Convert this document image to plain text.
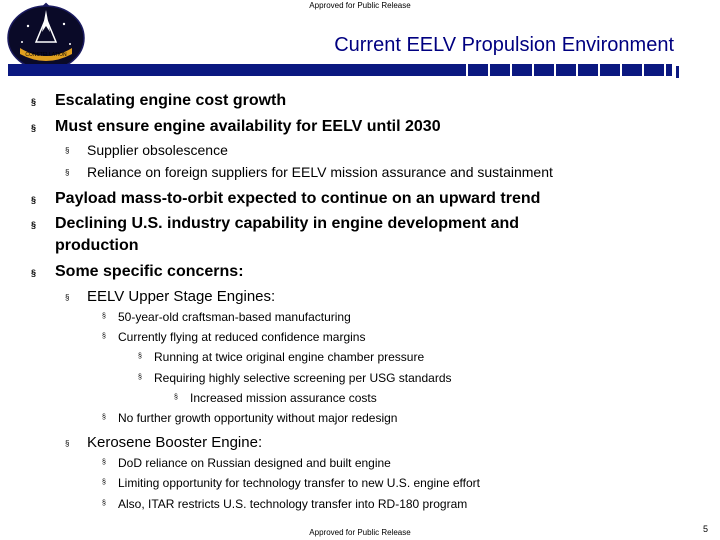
Approved for Public Release
CONSTELLATION	Current EELV Propulsion Environment
§ Escalating engine cost growth
§ Must ensure engine availability for EELV until 2030
§ Supplier obsolescence
§ Reliance on foreign suppliers for EELV mission assurance and sustainment
§ Payload mass-to-orbit expected to continue on an upward trend
§ Declining U.S. industry capability in engine development and
production
§ Some specific concerns:
§ EELV Upper Stage Engines:
§ 50-year-old craftsman-based manufacturing
§ Currently flying at reduced confidence margins
§ Running at twice original engine chamber pressure
§ Requiring highly selective screening per USG standards
§ Increased mission assurance costs
§ No further growth opportunity without major redesign
§ Kerosene Booster Engine:
§ DoD reliance on Russian designed and built engine
§ Limiting opportunity for technology transfer to new U.S. engine effort
§ Also, ITAR restricts U.S. technology transfer into RD-180 program
Approved for Public Release	5
